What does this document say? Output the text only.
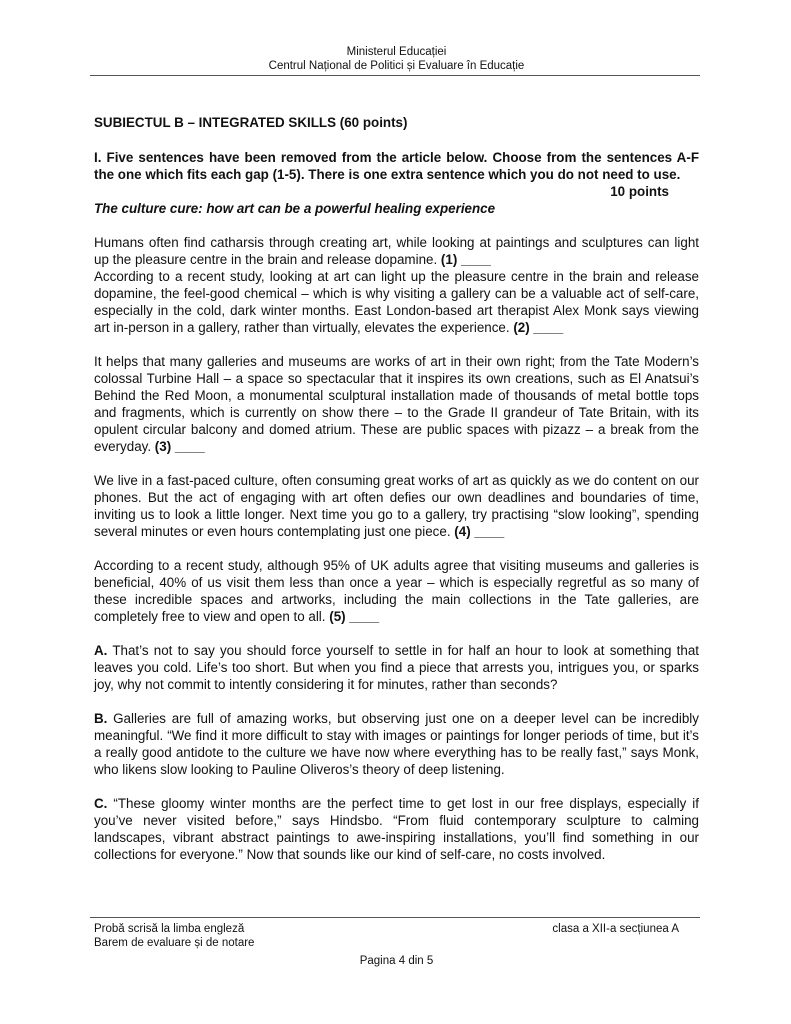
Ministerul Educației
Centrul Național de Politici și Evaluare în Educație

SUBIECTUL B – INTEGRATED SKILLS (60 points)

I. Five sentences have been removed from the article below. Choose from the sentences A-F the one which fits each gap (1-5). There is one extra sentence which you do not need to use.
10 points

The culture cure: how art can be a powerful healing experience

Humans often find catharsis through creating art, while looking at paintings and sculptures can light up the pleasure centre in the brain and release dopamine. (1) ____
According to a recent study, looking at art can light up the pleasure centre in the brain and release dopamine, the feel-good chemical – which is why visiting a gallery can be a valuable act of self-care, especially in the cold, dark winter months. East London-based art therapist Alex Monk says viewing art in-person in a gallery, rather than virtually, elevates the experience. (2) ____

It helps that many galleries and museums are works of art in their own right; from the Tate Modern’s colossal Turbine Hall – a space so spectacular that it inspires its own creations, such as El Anatsui’s Behind the Red Moon, a monumental sculptural installation made of thousands of metal bottle tops and fragments, which is currently on show there – to the Grade II grandeur of Tate Britain, with its opulent circular balcony and domed atrium. These are public spaces with pizazz – a break from the everyday. (3) ____

We live in a fast-paced culture, often consuming great works of art as quickly as we do content on our phones. But the act of engaging with art often defies our own deadlines and boundaries of time, inviting us to look a little longer. Next time you go to a gallery, try practising “slow looking”, spending several minutes or even hours contemplating just one piece. (4) ____

According to a recent study, although 95% of UK adults agree that visiting museums and galleries is beneficial, 40% of us visit them less than once a year – which is especially regretful as so many of these incredible spaces and artworks, including the main collections in the Tate galleries, are completely free to view and open to all. (5) ____

A. That’s not to say you should force yourself to settle in for half an hour to look at something that leaves you cold. Life’s too short. But when you find a piece that arrests you, intrigues you, or sparks joy, why not commit to intently considering it for minutes, rather than seconds?

B. Galleries are full of amazing works, but observing just one on a deeper level can be incredibly meaningful. “We find it more difficult to stay with images or paintings for longer periods of time, but it’s a really good antidote to the culture we have now where everything has to be really fast,” says Monk, who likens slow looking to Pauline Oliveros’s theory of deep listening.

C. “These gloomy winter months are the perfect time to get lost in our free displays, especially if you’ve never visited before,” says Hindsbo. “From fluid contemporary sculpture to calming landscapes, vibrant abstract paintings to awe-inspiring installations, you’ll find something in our collections for everyone.” Now that sounds like our kind of self-care, no costs involved.

Probă scrisă la limba engleză
Barem de evaluare și de notare
clasa a XII-a secțiunea A
Pagina 4 din 5
